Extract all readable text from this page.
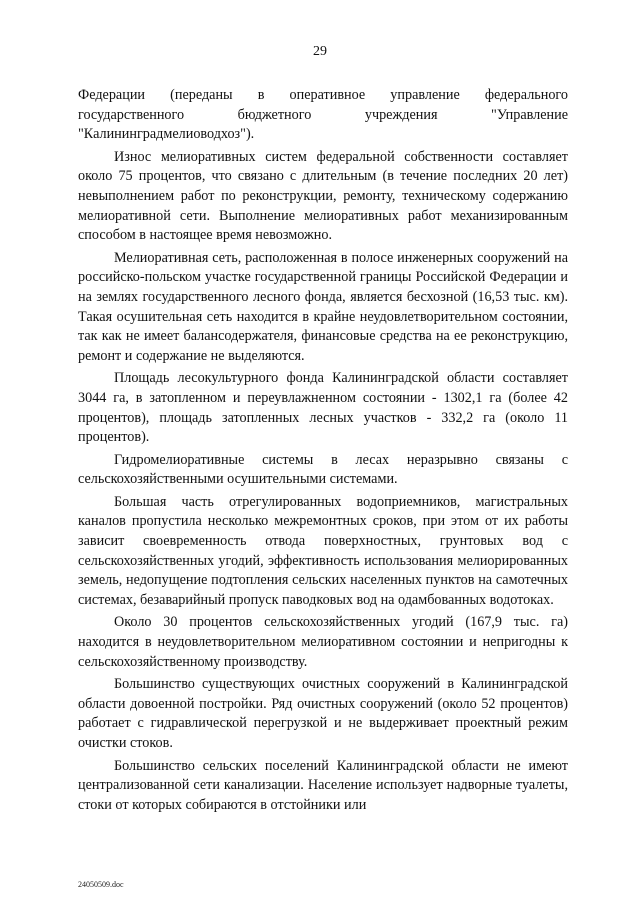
29

Федерации (переданы в оперативное управление федерального государственного бюджетного учреждения "Управление "Калининградмелиоводхоз").

Износ мелиоративных систем федеральной собственности составляет около 75 процентов, что связано с длительным (в течение последних 20 лет) невыполнением работ по реконструкции, ремонту, техническому содержанию мелиоративной сети. Выполнение мелиоративных работ механизированным способом в настоящее время невозможно.

Мелиоративная сеть, расположенная в полосе инженерных сооружений на российско-польском участке государственной границы Российской Федерации и на землях государственного лесного фонда, является бесхозной (16,53 тыс. км). Такая осушительная сеть находится в крайне неудовлетворительном состоянии, так как не имеет балансодержателя, финансовые средства на ее реконструкцию, ремонт и содержание не выделяются.

Площадь лесокультурного фонда Калининградской области составляет 3044 га, в затопленном и переувлажненном состоянии - 1302,1 га (более 42 процентов), площадь затопленных лесных участков - 332,2 га (около 11 процентов).

Гидромелиоративные системы в лесах неразрывно связаны с сельскохозяйственными осушительными системами.

Большая часть отрегулированных водоприемников, магистральных каналов пропустила несколько межремонтных сроков, при этом от их работы зависит своевременность отвода поверхностных, грунтовых вод с сельскохозяйственных угодий, эффективность использования мелиорированных земель, недопущение подтопления сельских населенных пунктов на самотечных системах, безаварийный пропуск паводковых вод на одамбованных водотоках.

Около 30 процентов сельскохозяйственных угодий (167,9 тыс. га) находится в неудовлетворительном мелиоративном состоянии и непригодны к сельскохозяйственному производству.

Большинство существующих очистных сооружений в Калининградской области довоенной постройки. Ряд очистных сооружений (около 52 процентов) работает с гидравлической перегрузкой и не выдерживает проектный режим очистки стоков.

Большинство сельских поселений Калининградской области не имеют централизованной сети канализации. Население использует надворные туалеты, стоки от которых собираются в отстойники или

24050509.doc
